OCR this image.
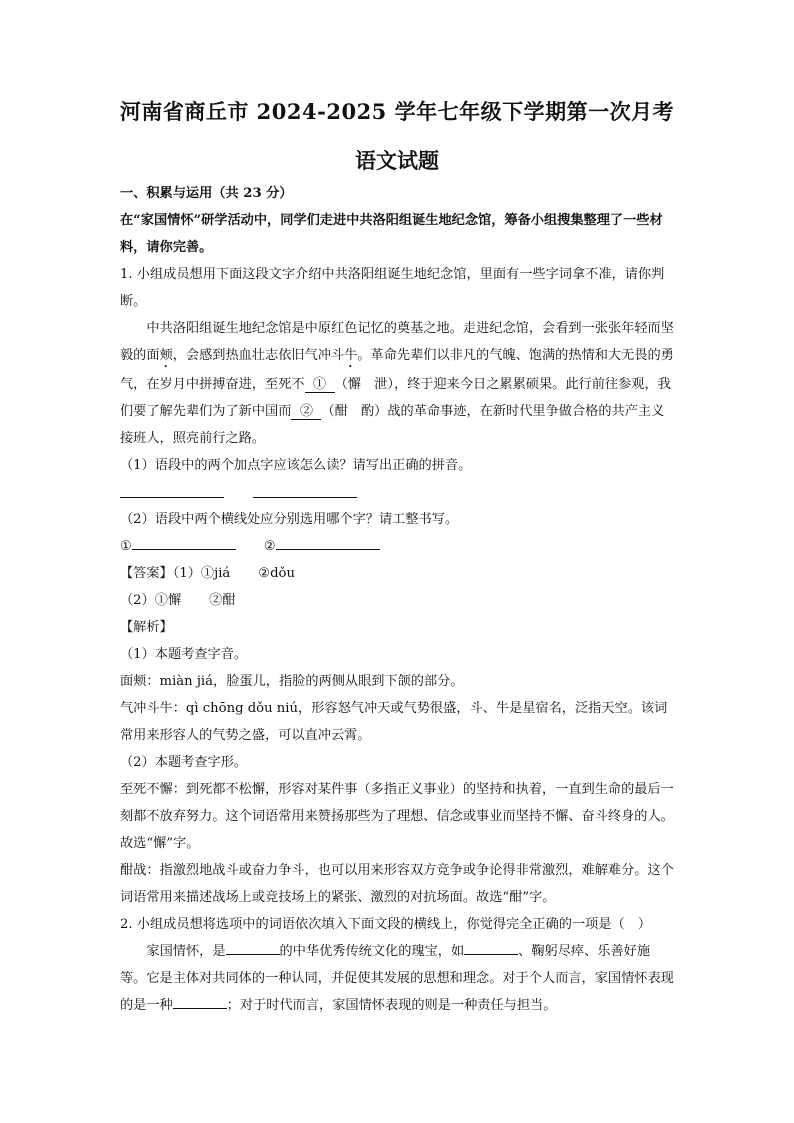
河南省商丘市 2024-2025 学年七年级下学期第一次月考
语文试题

一、积累与运用（共 23 分）

在“家国情怀”研学活动中，同学们走进中共洛阳组诞生地纪念馆，筹备小组搜集整理了一些材料，请你完善。

1. 小组成员想用下面这段文字介绍中共洛阳组诞生地纪念馆，里面有一些字词拿不准，请你判断。

中共洛阳组诞生地纪念馆是中原红色记忆的奠基之地。走进纪念馆，会看到一张张年轻而坚毅的面颊，会感到热血壮志依旧气冲斗牛。革命先辈们以非凡的气魄、饱满的热情和大无畏的勇气，在岁月中拼搏奋进，至死不 ① （懈　泄），终于迎来今日之累累硕果。此行前往参观，我们要了解先辈们为了新中国而 ② （酣　酌）战的革命事迹，在新时代里争做合格的共产主义接班人，照亮前行之路。

（1）语段中的两个加点字应该怎么读？请写出正确的拼音。

（2）语段中两个横线处应分别选用哪个字？请工整书写。

①	②

【答案】（1）①jiá ②dǒu

（2）①懈 ②酣

【解析】

（1）本题考查字音。

面颊：miàn jiá，脸蛋儿，指脸的两侧从眼到下颌的部分。

气冲斗牛：qì chōng dǒu niú，形容怒气冲天或气势很盛，斗、牛是星宿名，泛指天空。该词常用来形容人的气势之盛，可以直冲云霄。

（2）本题考查字形。

至死不懈：到死都不松懈，形容对某件事（多指正义事业）的坚持和执着，一直到生命的最后一刻都不放弃努力。这个词语常用来赞扬那些为了理想、信念或事业而坚持不懈、奋斗终身的人。故选“懈”字。

酣战：指激烈地战斗或奋力争斗，也可以用来形容双方竞争或争论得非常激烈，难解难分。这个词语常用来描述战场上或竞技场上的紧张、激烈的对抗场面。故选“酣”字。

2. 小组成员想将选项中的词语依次填入下面文段的横线上，你觉得完全正确的一项是（　）

家国情怀，是	的中华优秀传统文化的瑰宝，如	、鞠躬尽瘁、乐善好施等。它是主体对共同体的一种认同，并促使其发展的思想和理念。对于个人而言，家国情怀表现的是一种	；对于时代而言，家国情怀表现的则是一种责任与担当。
